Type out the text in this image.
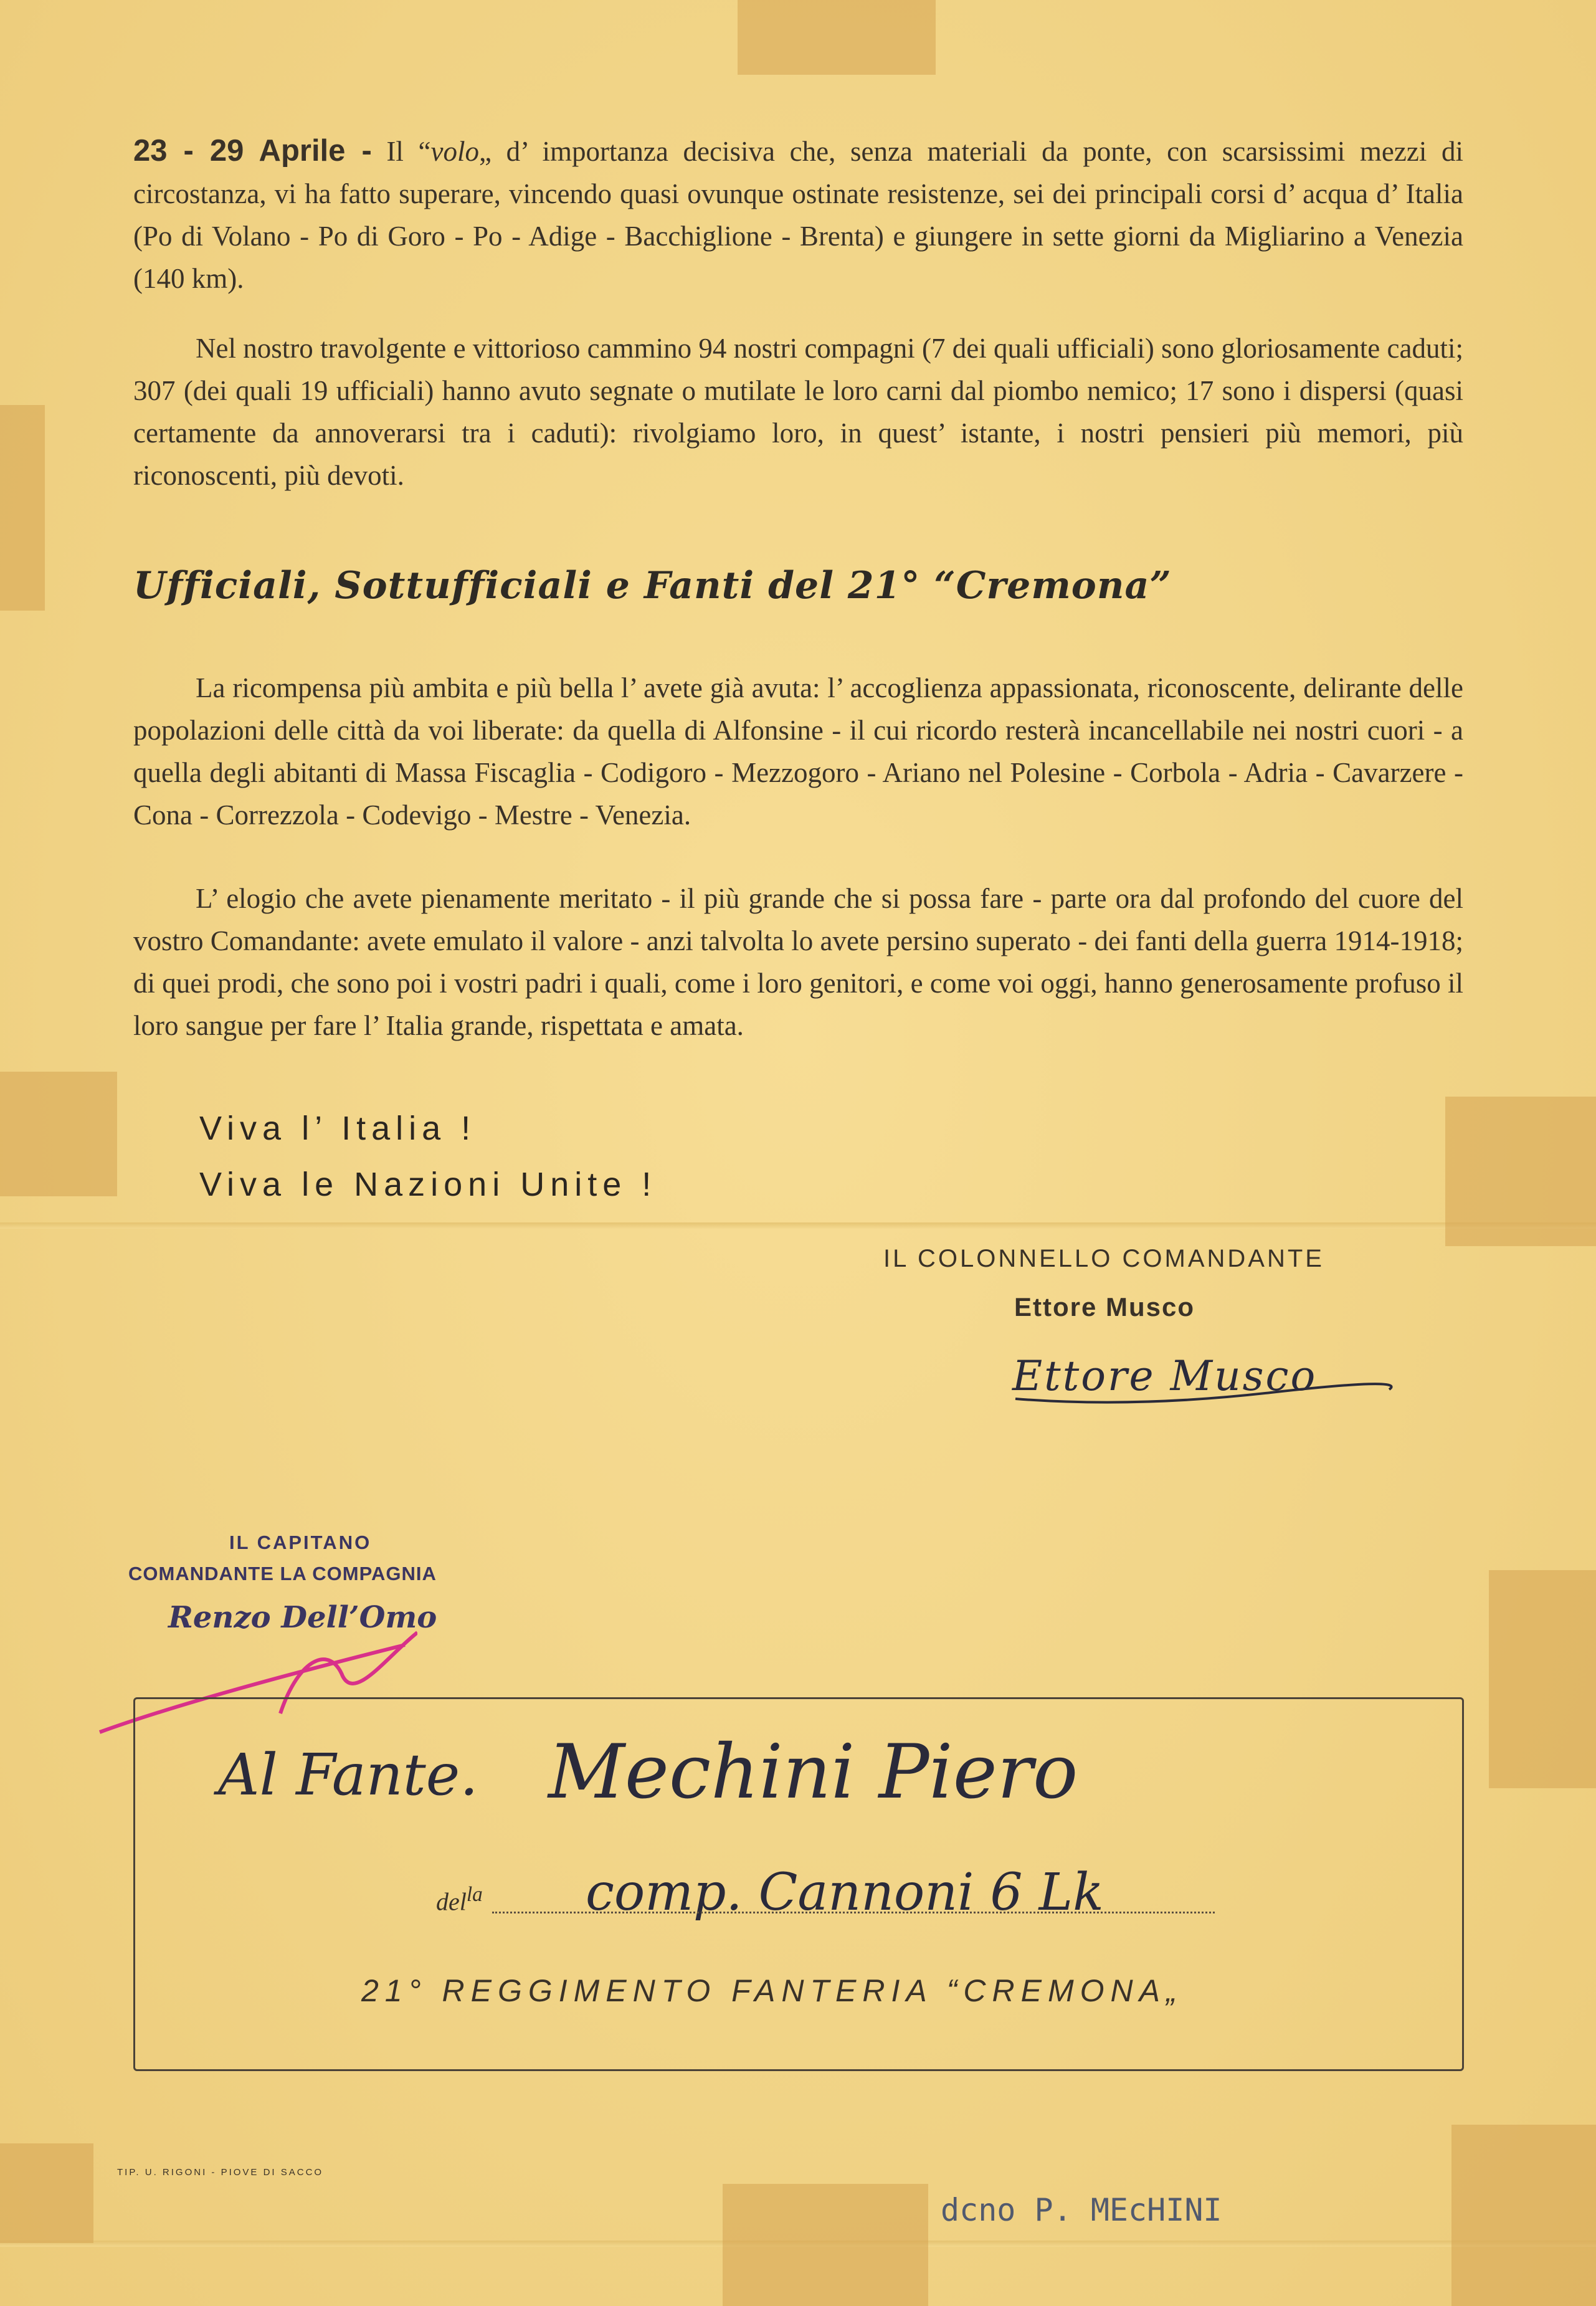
23 - 29 Aprile - Il “volo„ d’ importanza decisiva che, senza materiali da ponte, con scarsissimi mezzi di circostanza, vi ha fatto superare, vincendo quasi ovunque ostinate resistenze, sei dei principali corsi d’ acqua d’ Italia (Po di Volano - Po di Goro - Po - Adige - Bacchiglione - Brenta) e giungere in sette giorni da Migliarino a Venezia (140 km).

Nel nostro travolgente e vittorioso cammino 94 nostri compagni (7 dei quali ufficiali) sono gloriosamente caduti; 307 (dei quali 19 ufficiali) hanno avuto segnate o mutilate le loro carni dal piombo nemico; 17 sono i dispersi (quasi certamente da annoverarsi tra i caduti): rivolgiamo loro, in quest’ istante, i nostri pensieri più memori, più riconoscenti, più devoti.

Ufficiali, Sottufficiali e Fanti del 21° “Cremona”

La ricompensa più ambita e più bella l’ avete già avuta: l’ accoglienza appassionata, riconoscente, delirante delle popolazioni delle città da voi liberate: da quella di Alfonsine - il cui ricordo resterà incancellabile nei nostri cuori - a quella degli abitanti di Massa Fiscaglia - Codigoro - Mezzogoro - Ariano nel Polesine - Corbola - Adria - Cavarzere - Cona - Correzzola - Codevigo - Mestre - Venezia.

L’ elogio che avete pienamente meritato - il più grande che si possa fare - parte ora dal profondo del cuore del vostro Comandante: avete emulato il valore - anzi talvolta lo avete persino superato - dei fanti della guerra 1914-1918; di quei prodi, che sono poi i vostri padri i quali, come i loro genitori, e come voi oggi, hanno generosamente profuso il loro sangue per fare l’ Italia grande, rispettata e amata.

Viva l’ Italia !
Viva le Nazioni Unite !
IL COLONNELLO COMANDANTE
Ettore Musco
Ettore Musco
IL CAPITANO
COMANDANTE LA COMPAGNIA
Renzo Dell’Omo
Al Fante. Mechini Piero
del$^{la}$ comp. Cannoni 6 Lk
21° REGGIMENTO FANTERIA “CREMONA„
TIP. U. RIGONI - PIOVE DI SACCO
dcno P. MEcHINI
